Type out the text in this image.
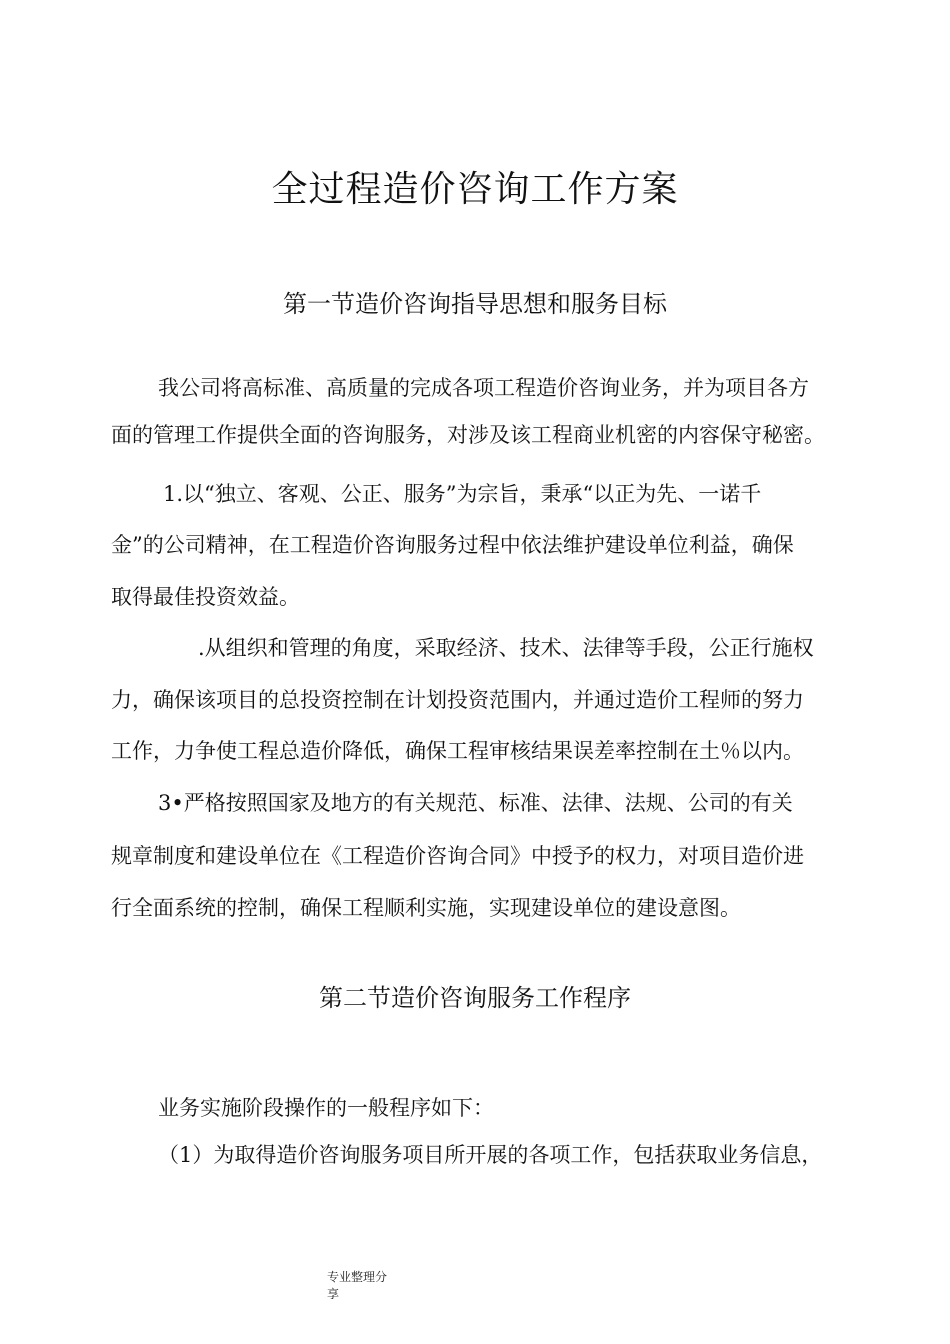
全过程造价咨询工作方案
第一节造价咨询指导思想和服务目标

我公司将高标准、高质量的完成各项工程造价咨询业务，并为项目各方

面的管理工作提供全面的咨询服务，对涉及该工程商业机密的内容保守秘密。

1.以“独立、客观、公正、服务”为宗旨，秉承“以正为先、一诺千

金”的公司精神，在工程造价咨询服务过程中依法维护建设单位利益，确保

取得最佳投资效益。

.从组织和管理的角度，采取经济、技术、法律等手段，公正行施权

力，确保该项目的总投资控制在计划投资范围内，并通过造价工程师的努力

工作，力争使工程总造价降低，确保工程审核结果误差率控制在土％以内。

3•严格按照国家及地方的有关规范、标准、法律、法规、公司的有关

规章制度和建设单位在《工程造价咨询合同》中授予的权力，对项目造价进

行全面系统的控制，确保工程顺利实施，实现建设单位的建设意图。

第二节造价咨询服务工作程序

业务实施阶段操作的一般程序如下：

（1）为取得造价咨询服务项目所开展的各项工作，包括获取业务信息，

专业整理分
享
